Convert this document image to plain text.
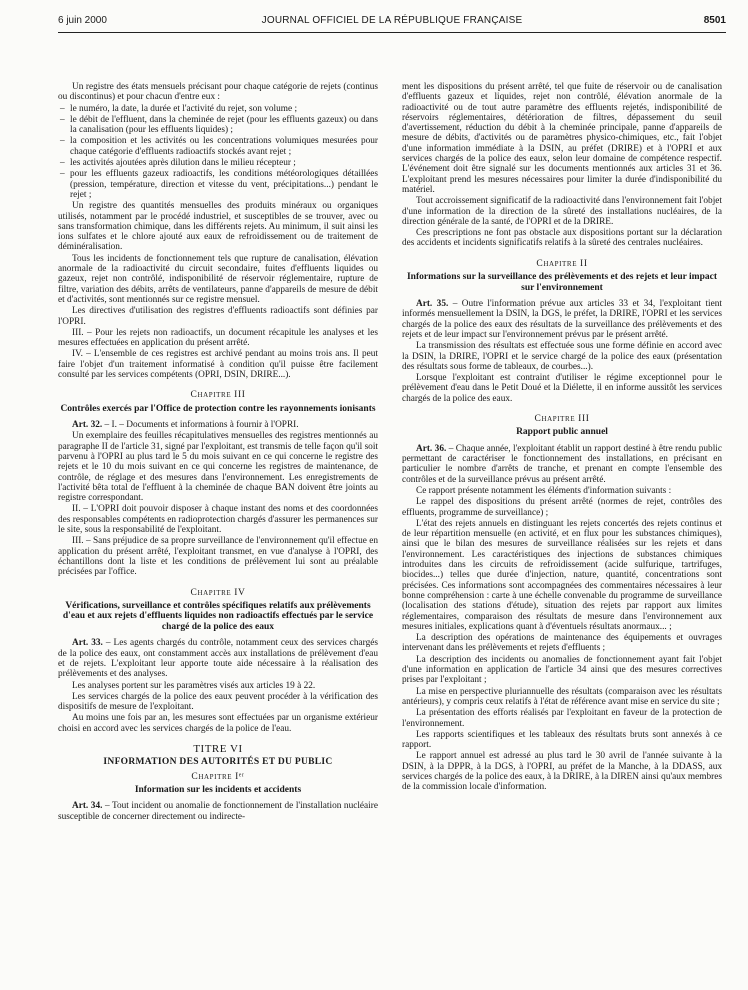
6 juin 2000	JOURNAL OFFICIEL DE LA RÉPUBLIQUE FRANÇAISE	8501

Un registre des états mensuels précisant pour chaque catégorie de rejets (continus ou discontinus) et pour chacun d'entre eux :

– le numéro, la date, la durée et l'activité du rejet, son volume ;

– le débit de l'effluent, dans la cheminée de rejet (pour les effluents gazeux) ou dans la canalisation (pour les effluents liquides) ;

– la composition et les activités ou les concentrations volumiques mesurées pour chaque catégorie d'effluents radioactifs stockés avant rejet ;

– les activités ajoutées après dilution dans le milieu récepteur ;

– pour les effluents gazeux radioactifs, les conditions météorologiques détaillées (pression, température, direction et vitesse du vent, précipitations...) pendant le rejet ;

Un registre des quantités mensuelles des produits minéraux ou organiques utilisés, notamment par le procédé industriel, et susceptibles de se trouver, avec ou sans transformation chimique, dans les différents rejets. Au minimum, il suit ainsi les ions sulfates et le chlore ajouté aux eaux de refroidissement ou de traitement de déminéralisation.

Tous les incidents de fonctionnement tels que rupture de canalisation, élévation anormale de la radioactivité du circuit secondaire, fuites d'effluents liquides ou gazeux, rejet non contrôlé, indisponibilité de réservoir réglementaire, rupture de filtre, variation des débits, arrêts de ventilateurs, panne d'appareils de mesure de débit et d'activités, sont mentionnés sur ce registre mensuel.

Les directives d'utilisation des registres d'effluents radioactifs sont définies par l'OPRI.

III. – Pour les rejets non radioactifs, un document récapitule les analyses et les mesures effectuées en application du présent arrêté.

IV. – L'ensemble de ces registres est archivé pendant au moins trois ans. Il peut faire l'objet d'un traitement informatisé à condition qu'il puisse être facilement consulté par les services compétents (OPRI, DSIN, DRIRE...).

Chapitre III
Contrôles exercés par l'Office de protection contre les rayonnements ionisants

Art. 32. – I. – Documents et informations à fournir à l'OPRI.

Un exemplaire des feuilles récapitulatives mensuelles des registres mentionnés au paragraphe II de l'article 31, signé par l'exploitant, est transmis de telle façon qu'il soit parvenu à l'OPRI au plus tard le 5 du mois suivant en ce qui concerne le registre des rejets et le 10 du mois suivant en ce qui concerne les registres de maintenance, de contrôle, de réglage et des mesures dans l'environnement. Les enregistrements de l'activité bêta total de l'effluent à la cheminée de chaque BAN doivent être joints au registre correspondant.

II. – L'OPRI doit pouvoir disposer à chaque instant des noms et des coordonnées des responsables compétents en radioprotection chargés d'assurer les permanences sur le site, sous la responsabilité de l'exploitant.

III. – Sans préjudice de sa propre surveillance de l'environnement qu'il effectue en application du présent arrêté, l'exploitant transmet, en vue d'analyse à l'OPRI, des échantillons dont la liste et les conditions de prélèvement lui sont au préalable précisées par l'office.

Chapitre IV
Vérifications, surveillance et contrôles spécifiques relatifs aux prélèvements d'eau et aux rejets d'effluents liquides non radioactifs effectués par le service chargé de la police des eaux

Art. 33. – Les agents chargés du contrôle, notamment ceux des services chargés de la police des eaux, ont constamment accès aux installations de prélèvement d'eau et de rejets. L'exploitant leur apporte toute aide nécessaire à la réalisation des prélèvements et des analyses.

Les analyses portent sur les paramètres visés aux articles 19 à 22.

Les services chargés de la police des eaux peuvent procéder à la vérification des dispositifs de mesure de l'exploitant.

Au moins une fois par an, les mesures sont effectuées par un organisme extérieur choisi en accord avec les services chargés de la police de l'eau.

TITRE VI
INFORMATION DES AUTORITÉS ET DU PUBLIC
Chapitre Iᵉʳ
Information sur les incidents et accidents

Art. 34. – Tout incident ou anomalie de fonctionnement de l'installation nucléaire susceptible de concerner directement ou indirecte-

ment les dispositions du présent arrêté, tel que fuite de réservoir ou de canalisation d'effluents gazeux et liquides, rejet non contrôlé, élévation anormale de la radioactivité ou de tout autre paramètre des effluents rejetés, indisponibilité de réservoirs réglementaires, détérioration de filtres, dépassement du seuil d'avertissement, réduction du débit à la cheminée principale, panne d'appareils de mesure de débits, d'activités ou de paramètres physico-chimiques, etc., fait l'objet d'une information immédiate à la DSIN, au préfet (DRIRE) et à l'OPRI et aux services chargés de la police des eaux, selon leur domaine de compétence respectif. L'événement doit être signalé sur les documents mentionnés aux articles 31 et 36. L'exploitant prend les mesures nécessaires pour limiter la durée d'indisponibilité du matériel.

Tout accroissement significatif de la radioactivité dans l'environnement fait l'objet d'une information de la direction de la sûreté des installations nucléaires, de la direction générale de la santé, de l'OPRI et de la DRIRE.

Ces prescriptions ne font pas obstacle aux dispositions portant sur la déclaration des accidents et incidents significatifs relatifs à la sûreté des centrales nucléaires.

Chapitre II
Informations sur la surveillance des prélèvements et des rejets et leur impact sur l'environnement

Art. 35. – Outre l'information prévue aux articles 33 et 34, l'exploitant tient informés mensuellement la DSIN, la DGS, le préfet, la DRIRE, l'OPRI et les services chargés de la police des eaux des résultats de la surveillance des prélèvements et des rejets et de leur impact sur l'environnement prévus par le présent arrêté.

La transmission des résultats est effectuée sous une forme définie en accord avec la DSIN, la DRIRE, l'OPRI et le service chargé de la police des eaux (présentation des résultats sous forme de tableaux, de courbes...).

Lorsque l'exploitant est contraint d'utiliser le régime exceptionnel pour le prélèvement d'eau dans le Petit Doué et la Diélette, il en informe aussitôt les services chargés de la police des eaux.

Chapitre III
Rapport public annuel

Art. 36. – Chaque année, l'exploitant établit un rapport destiné à être rendu public permettant de caractériser le fonctionnement des installations, en précisant en particulier le nombre d'arrêts de tranche, et prenant en compte l'ensemble des contrôles et de la surveillance prévus au présent arrêté.

Ce rapport présente notamment les éléments d'information suivants :

Le rappel des dispositions du présent arrêté (normes de rejet, contrôles des effluents, programme de surveillance) ;

L'état des rejets annuels en distinguant les rejets concertés des rejets continus et de leur répartition mensuelle (en activité, et en flux pour les substances chimiques), ainsi que le bilan des mesures de surveillance réalisées sur les rejets et dans l'environnement. Les caractéristiques des injections de substances chimiques introduites dans les circuits de refroidissement (acide sulfurique, tartrifuges, biocides...) telles que durée d'injection, nature, quantité, concentrations sont précisées. Ces informations sont accompagnées des commentaires nécessaires à leur bonne compréhension : carte à une échelle convenable du programme de surveillance (localisation des stations d'étude), situation des rejets par rapport aux limites réglementaires, comparaison des résultats de mesure dans l'environnement aux mesures initiales, explications quant à d'éventuels résultats anormaux... ;

La description des opérations de maintenance des équipements et ouvrages intervenant dans les prélèvements et rejets d'effluents ;

La description des incidents ou anomalies de fonctionnement ayant fait l'objet d'une information en application de l'article 34 ainsi que des mesures correctives prises par l'exploitant ;

La mise en perspective pluriannuelle des résultats (comparaison avec les résultats antérieurs), y compris ceux relatifs à l'état de référence avant mise en service du site ;

La présentation des efforts réalisés par l'exploitant en faveur de la protection de l'environnement.

Les rapports scientifiques et les tableaux des résultats bruts sont annexés à ce rapport.

Le rapport annuel est adressé au plus tard le 30 avril de l'année suivante à la DSIN, à la DPPR, à la DGS, à l'OPRI, au préfet de la Manche, à la DDASS, aux services chargés de la police des eaux, à la DRIRE, à la DIREN ainsi qu'aux membres de la commission locale d'information.
